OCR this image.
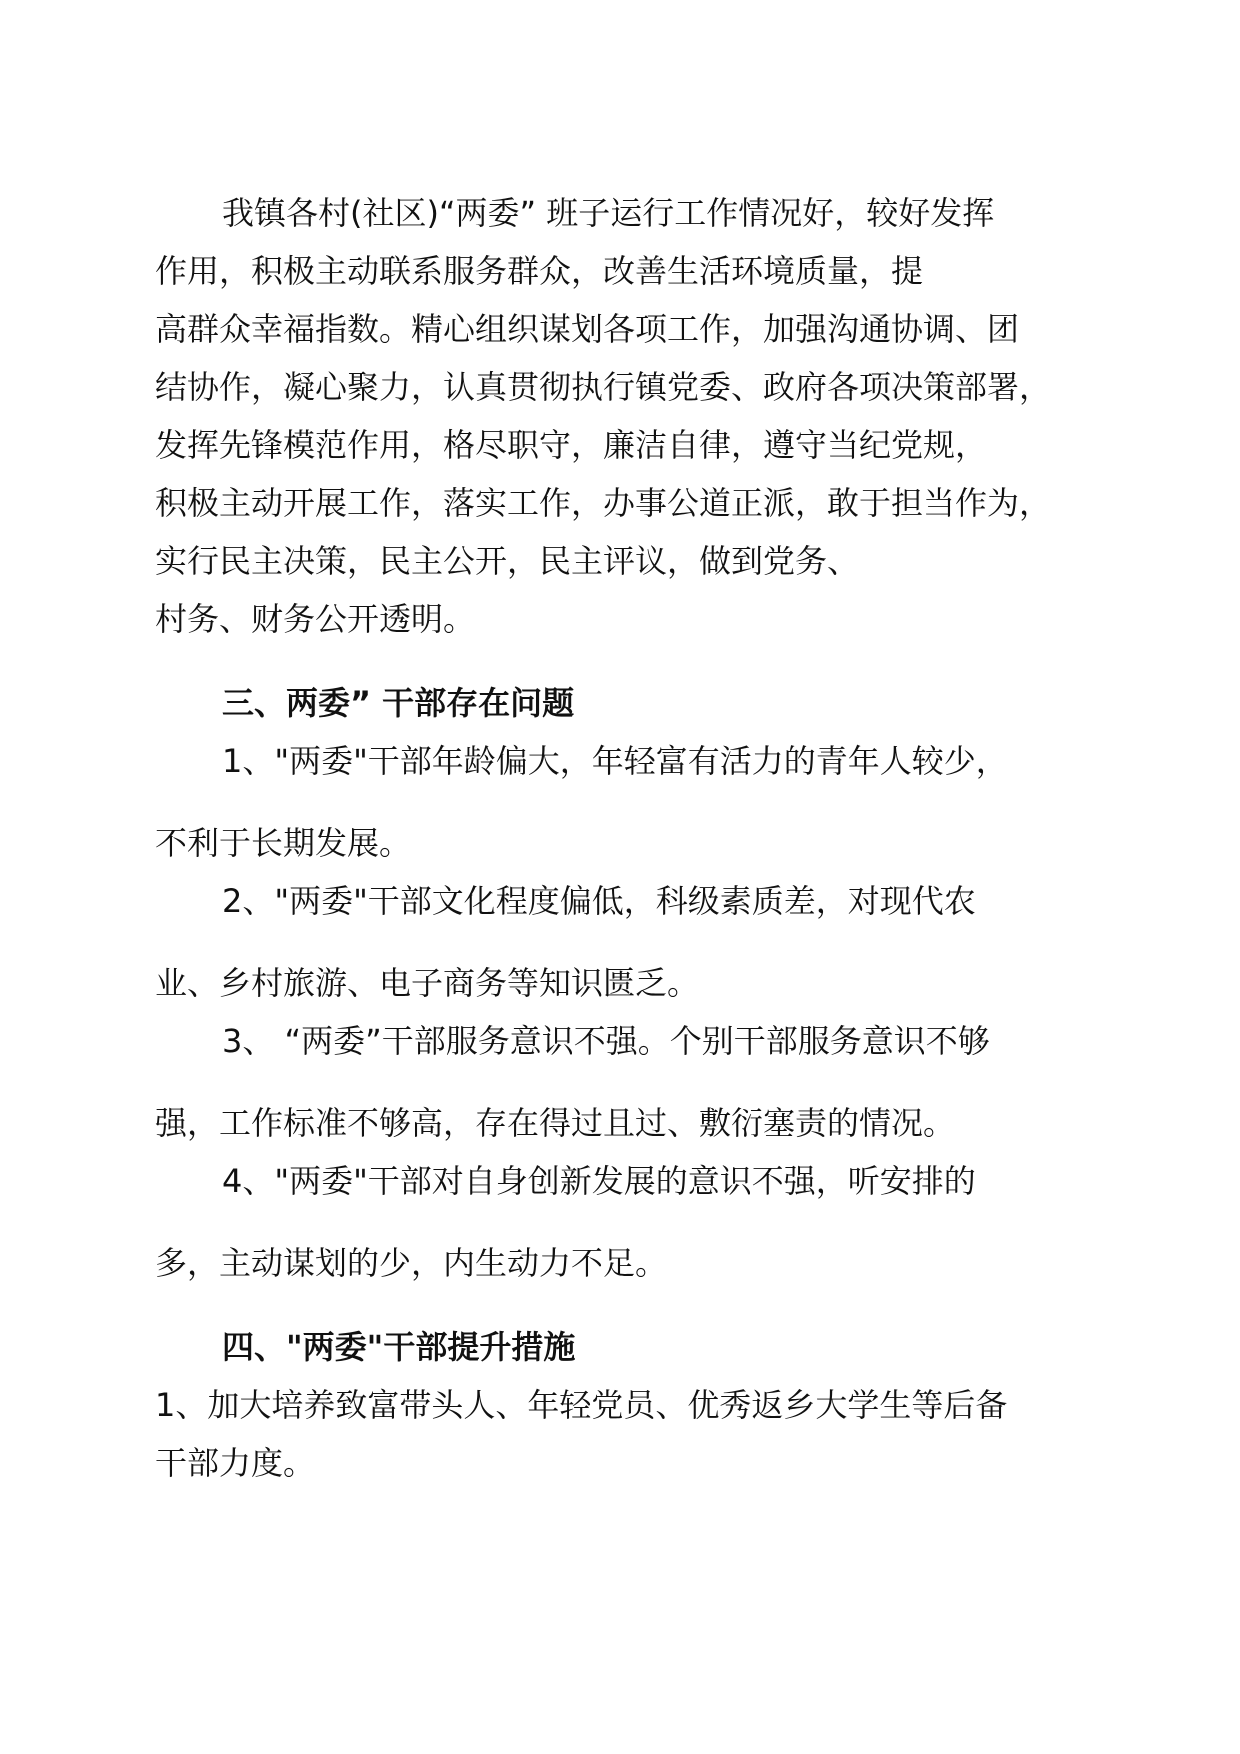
我镇各村(社区)“两委” 班子运行工作情况好，较好发挥
作用，积极主动联系服务群众，改善生活环境质量，提
高群众幸福指数。精心组织谋划各项工作，加强沟通协调、团
结协作，凝心聚力，认真贯彻执行镇党委、政府各项决策部署，
发挥先锋模范作用，格尽职守，廉洁自律，遵守当纪党规，
积极主动开展工作，落实工作，办事公道正派，敢于担当作为，
实行民主决策，民主公开，民主评议，做到党务、
村务、财务公开透明。
三、两委” 干部存在问题
1、"两委"干部年龄偏大，年轻富有活力的青年人较少，
不利于长期发展。
2、"两委"干部文化程度偏低，科级素质差，对现代农
业、乡村旅游、电子商务等知识匮乏。
3、 “两委”干部服务意识不强。个别干部服务意识不够
强，工作标准不够高，存在得过且过、敷衍塞责的情况。
4、"两委"干部对自身创新发展的意识不强，听安排的
多，主动谋划的少，内生动力不足。
四、"两委"干部提升措施
1、加大培养致富带头人、年轻党员、优秀返乡大学生等后备
干部力度。
